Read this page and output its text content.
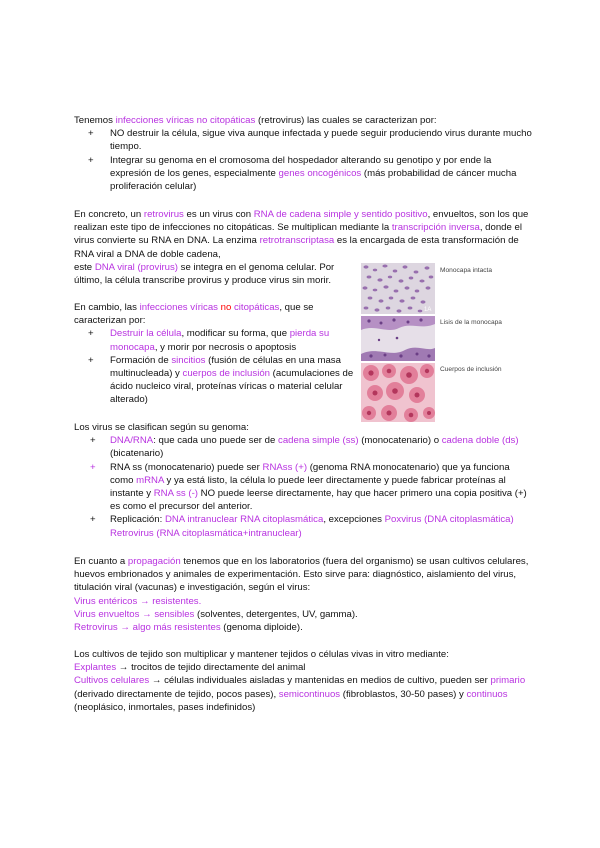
Tenemos infecciones víricas no citopáticas (retrovirus) las cuales se caracterizan por:

+ NO destruir la célula, sigue viva aunque infectada y puede seguir produciendo virus durante mucho tiempo.
+ Integrar su genoma en el cromosoma del hospedador alterando su genotipo y por ende la expresión de los genes, especialmente genes oncogénicos (más probabilidad de cáncer mucha proliferación celular)

En concreto, un retrovirus es un virus con RNA de cadena simple y sentido positivo, envueltos, son los que realizan este tipo de infecciones no citopáticas. Se multiplican mediante la transcripción inversa, donde el virus convierte su RNA en DNA. La enzima retrotranscriptasa es la encargada de esta transformación de RNA viral a DNA de doble cadena,

este DNA viral (provirus) se integra en el genoma celular. Por último, la célula transcribe provirus y produce virus sin morir.

En cambio, las infecciones víricas no citopáticas, que se caracterizan por:

+ Destruir la célula, modificar su forma, que pierda su monocapa, y morir por necrosis o apoptosis
+ Formación de sincitios (fusión de células en una masa multinucleada) y cuerpos de inclusión (acumulaciones de ácido nucleico viral, proteínas víricas o material celular alterado)
1A
Monocapa intacta
Lisis de la monocapa
Cuerpos de inclusión

Los virus se clasifican según su genoma:

+ DNA/RNA: que cada uno puede ser de cadena simple (ss) (monocatenario) o cadena doble (ds) (bicatenario)
+ RNA ss (monocatenario) puede ser RNAss (+) (genoma RNA monocatenario) que ya funciona como mRNA y ya está listo, la célula lo puede leer directamente y puede fabricar proteínas al instante y RNA ss (-) NO puede leerse directamente, hay que hacer primero una copia positiva (+) es como el precursor del anterior.
+ Replicación: DNA intranuclear RNA citoplasmática, excepciones Poxvirus (DNA citoplasmática) Retrovirus (RNA citoplasmática+intranuclear)

En cuanto a propagación tenemos que en los laboratorios (fuera del organismo) se usan cultivos celulares, huevos embrionados y animales de experimentación. Esto sirve para: diagnóstico, aislamiento del virus, titulación viral (vacunas) e investigación, según el virus:

Virus entéricos → resistentes.

Virus envueltos → sensibles (solventes, detergentes, UV, gamma).

Retrovirus → algo más resistentes (genoma diploide).

Los cultivos de tejido son multiplicar y mantener tejidos o células vivas in vitro mediante:

Explantes → trocitos de tejido directamente del animal

Cultivos celulares → células individuales aisladas y mantenidas en medios de cultivo, pueden ser primario (derivado directamente de tejido, pocos pases), semicontinuos (fibroblastos, 30-50 pases) y continuos (neoplásico, inmortales, pases indefinidos)
